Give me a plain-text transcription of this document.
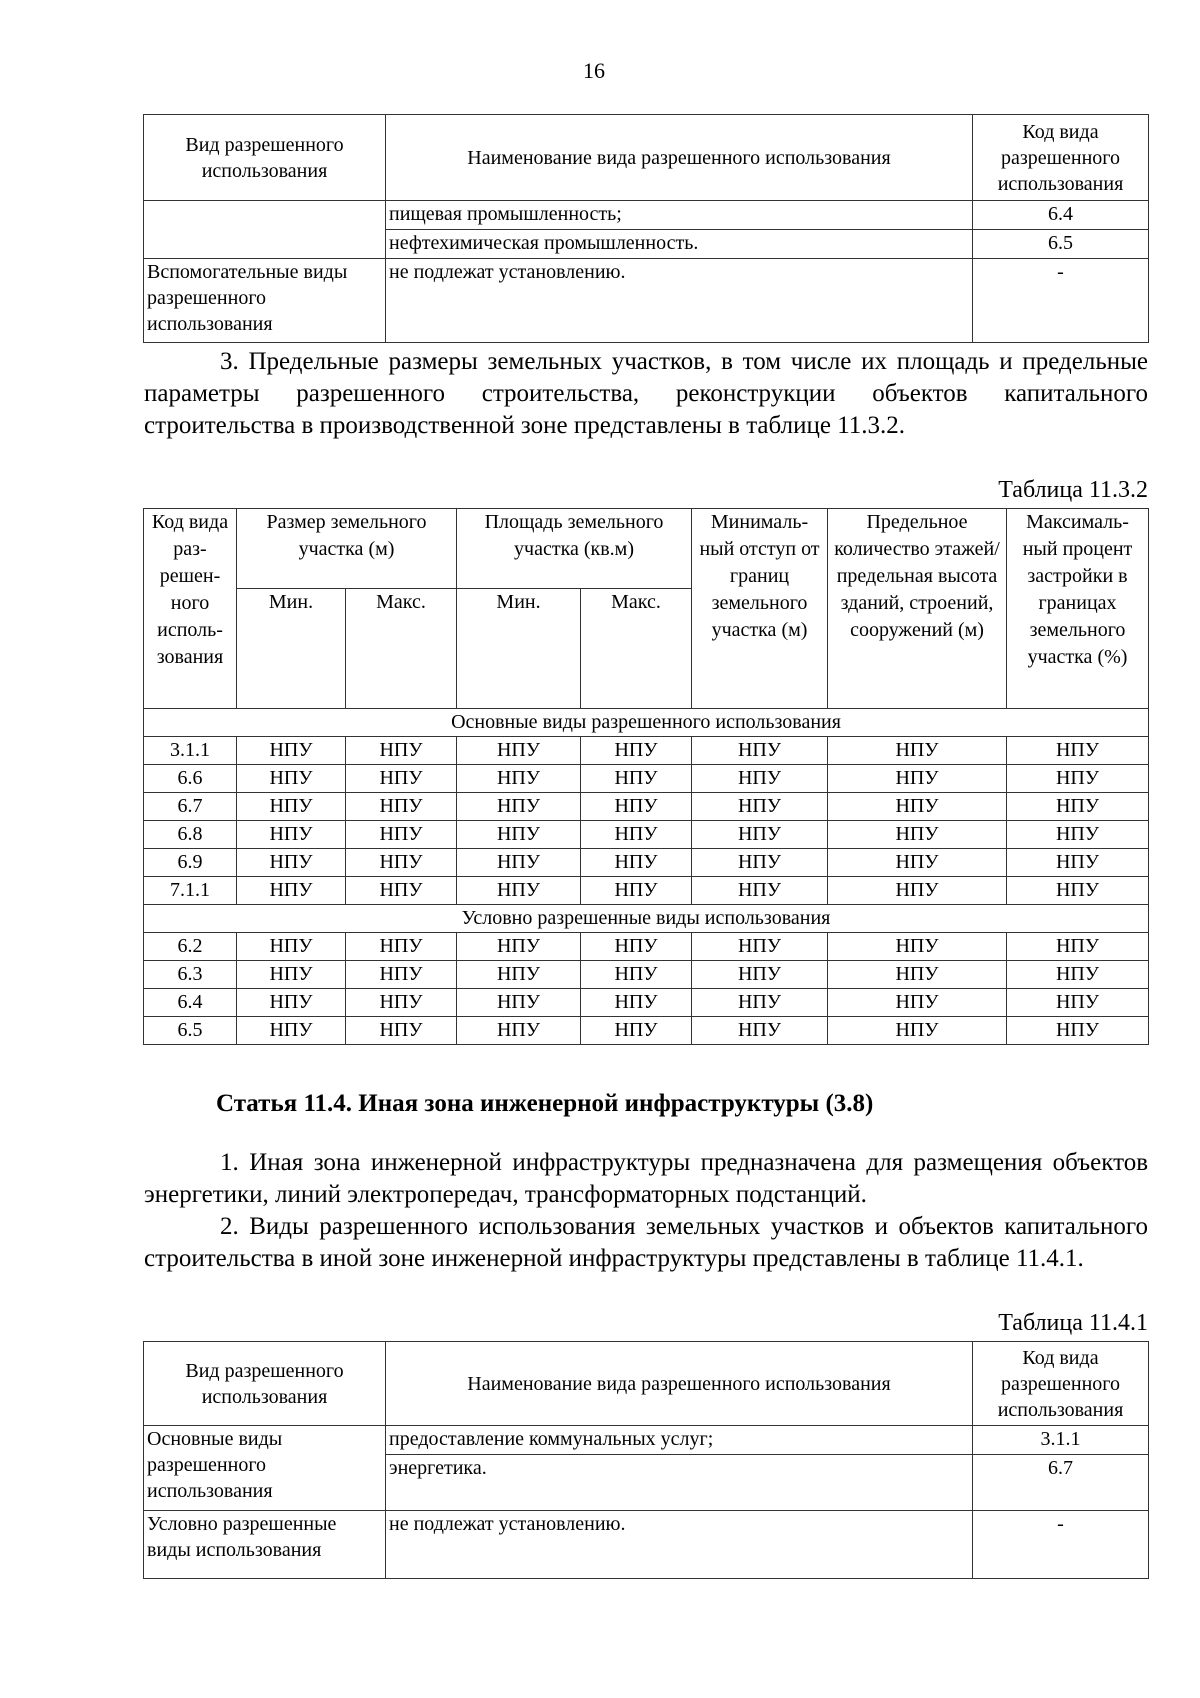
16
Вид разрешенного использования	Наименование вида разрешенного использования	Код вида разрешенного использования
	пищевая промышленность;	6.4
	нефтехимическая промышленность.	6.5
Вспомогательные виды разрешенного использования	не подлежат установлению.	-

3. Предельные размеры земельных участков, в том числе их площадь и предельные параметры разрешенного строительства, реконструкции объектов капитального строительства в производственной зоне представлены в таблице 11.3.2.

Таблица 11.3.2

Код вида раз-решен-ного исполь-зования	Размер земельного участка (м)		Площадь земельного участка (кв.м)		Минималь-ный отступ от границ земельного участка (м)	Предельное количество этажей/ предельная высота зданий, строений, сооружений (м)	Максималь-ный процент застройки в границах земельного участка (%)
	Мин.	Макс.	Мин.	Макс.			
Основные виды разрешенного использования							
3.1.1	НПУ	НПУ	НПУ	НПУ	НПУ	НПУ	НПУ
6.6	НПУ	НПУ	НПУ	НПУ	НПУ	НПУ	НПУ
6.7	НПУ	НПУ	НПУ	НПУ	НПУ	НПУ	НПУ
6.8	НПУ	НПУ	НПУ	НПУ	НПУ	НПУ	НПУ
6.9	НПУ	НПУ	НПУ	НПУ	НПУ	НПУ	НПУ
7.1.1	НПУ	НПУ	НПУ	НПУ	НПУ	НПУ	НПУ
Условно разрешенные виды использования							
6.2	НПУ	НПУ	НПУ	НПУ	НПУ	НПУ	НПУ
6.3	НПУ	НПУ	НПУ	НПУ	НПУ	НПУ	НПУ
6.4	НПУ	НПУ	НПУ	НПУ	НПУ	НПУ	НПУ
6.5	НПУ	НПУ	НПУ	НПУ	НПУ	НПУ	НПУ

Статья 11.4. Иная зона инженерной инфраструктуры (3.8)

1. Иная зона инженерной инфраструктуры предназначена для размещения объектов энергетики, линий электропередач, трансформаторных подстанций.

2. Виды разрешенного использования земельных участков и объектов капитального строительства в иной зоне инженерной инфраструктуры представлены в таблице 11.4.1.

Таблица 11.4.1

Вид разрешенного использования	Наименование вида разрешенного использования	Код вида разрешенного использования
Основные виды разрешенного использования	предоставление коммунальных услуг;	3.1.1
	энергетика.	6.7
Условно разрешенные виды использования	не подлежат установлению.	-
